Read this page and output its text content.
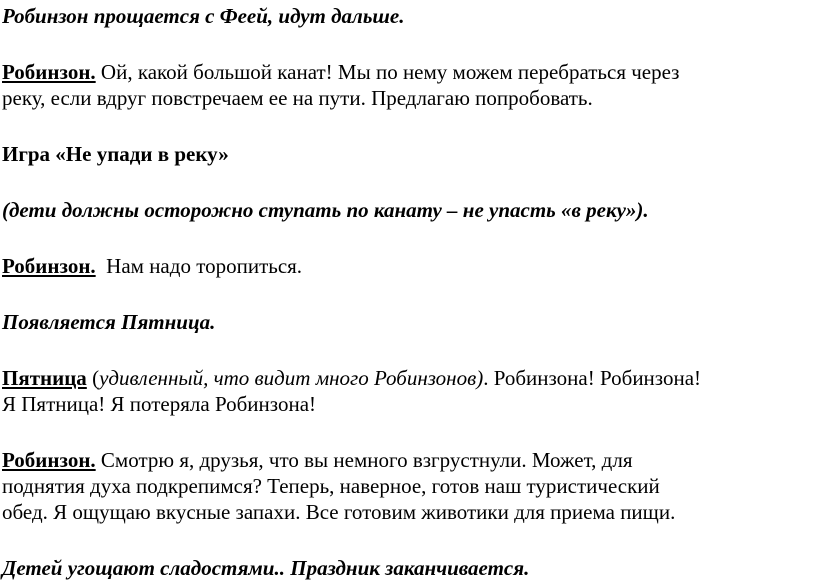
Робинзон прощается с Феей, идут дальше.

Робинзон. Ой, какой большой канат! Мы по нему можем перебраться через

реку, если вдруг повстречаем ее на пути. Предлагаю попробовать.

Игра «Не упади в реку»

(дети должны осторожно ступать по канату – не упасть «в реку»).

Робинзон.  Нам надо торопиться.

Появляется Пятница.

Пятница (удивленный, что видит много Робинзонов). Робинзона! Робинзона!

Я Пятница! Я потеряла Робинзона!

Робинзон. Смотрю я, друзья, что вы немного взгрустнули. Может, для

поднятия духа подкрепимся? Теперь, наверное, готов наш туристический

обед. Я ощущаю вкусные запахи. Все готовим животики для приема пищи.

Детей угощают сладостями.. Праздник заканчивается.
